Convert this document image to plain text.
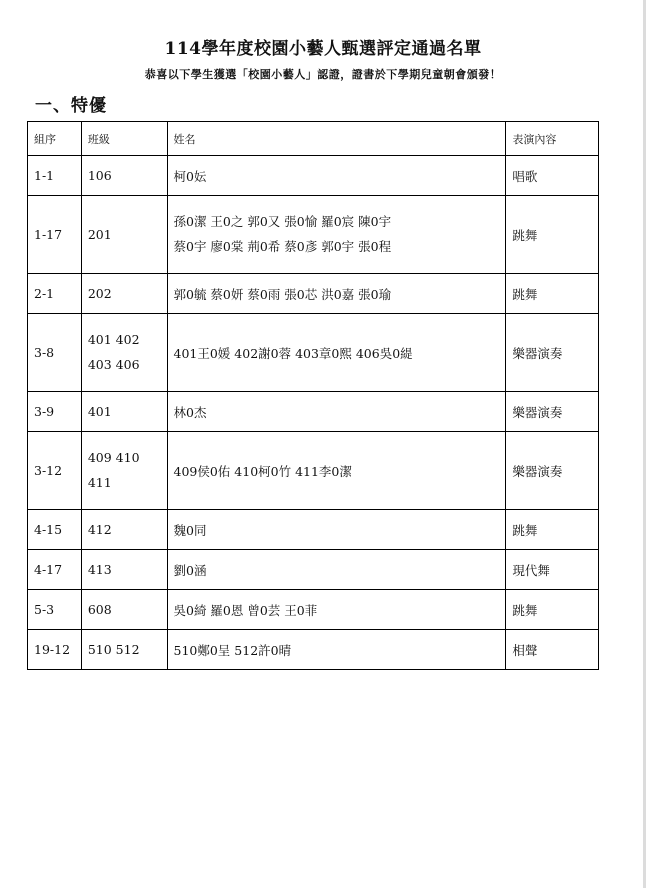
114學年度校園小藝人甄選評定通過名單
恭喜以下學生獲選「校園小藝人」認證，證書於下學期兒童朝會頒發！
一、特優
組序	班級	姓名	表演內容
1-1	106	柯0妘	唱歌
1-17	201	孫0潔 王0之 郭0又 張0愉 羅0宸 陳0宇
蔡0宇 廖0棠 荊0希 蔡0彥 郭0宇 張0程	跳舞
2-1	202	郭0毓 蔡0妍 蔡0雨 張0芯 洪0嘉 張0瑜	跳舞
3-8	401 402
403 406	401王0媛 402謝0蓉 403章0熙 406吳0緹	樂器演奏
3-9	401	林0杰	樂器演奏
3-12	409 410
411	409侯0佑 410柯0竹 411李0潔	樂器演奏
4-15	412	魏0同	跳舞
4-17	413	劉0涵	現代舞
5-3	608	吳0綺 羅0恩 曾0芸 王0菲	跳舞
19-12	510 512	510鄭0呈 512許0晴	相聲
